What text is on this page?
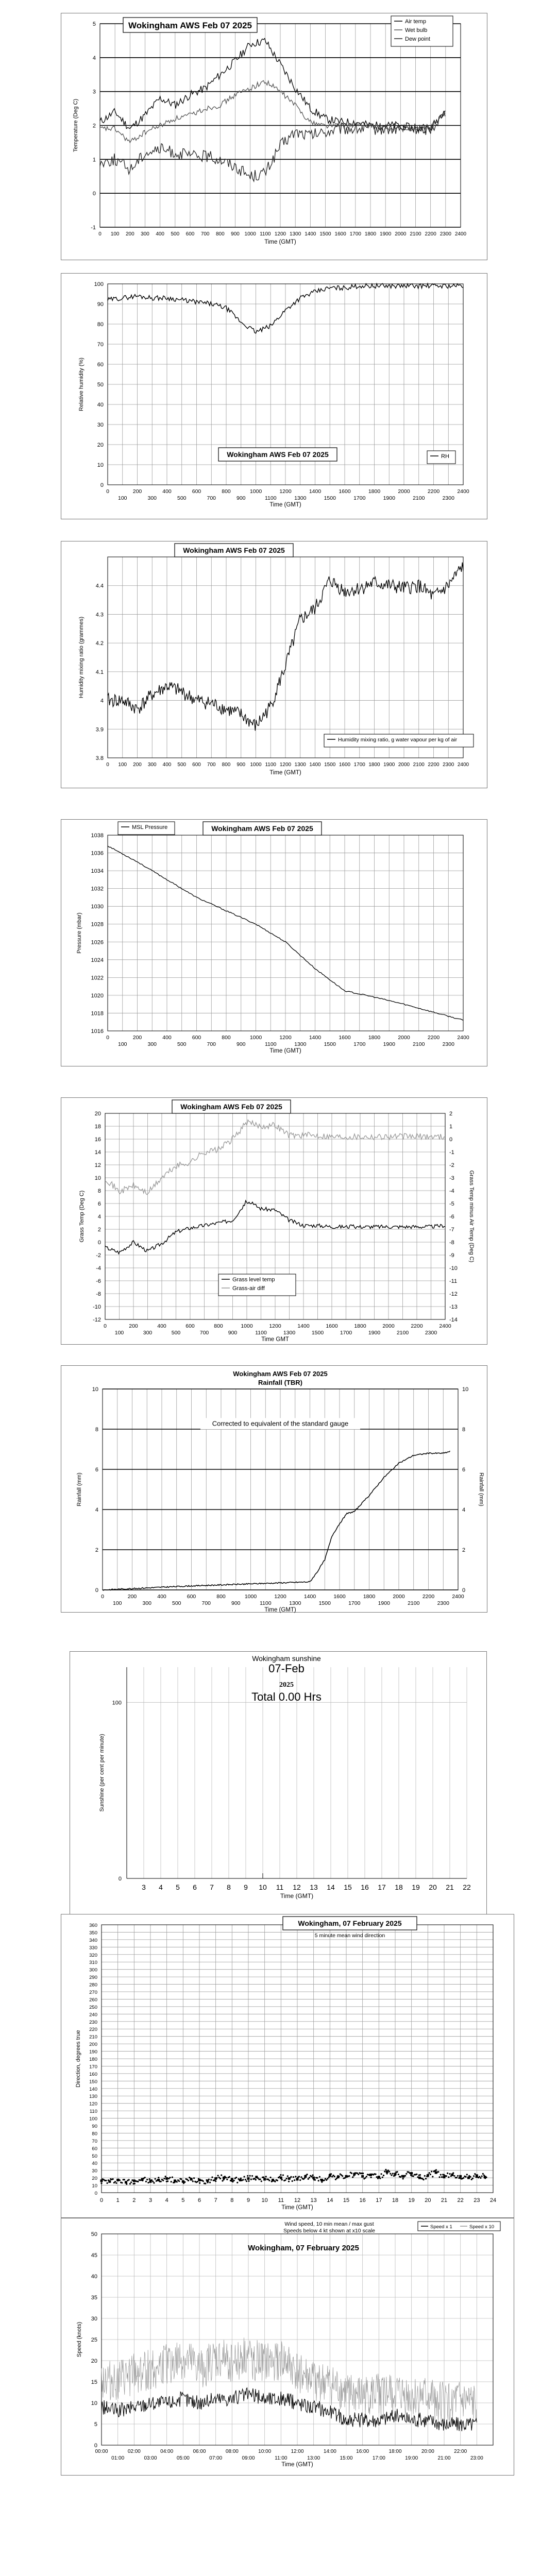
-1
0
1
2
3
4
5
0 100 200 300 400 500 600 700 800 900 1000 1100 1200 1300 1400 1500 1600 1700 1800 1900 2000 2100 2200 2300 2400
Time (GMT)
Temperature (Deg C)
Wokingham AWS Feb 07 2025	Air temp
Wet bulb
Dew point
0
10
20
30
40
50
60
70
80
90
100
0	200	400	600	800	1000	1200	1400	1600	1800	2000	2200	2400
100	300	500	700	900	1100	1300	1500	1700	1900	2100	2300
Time (GMT)
Relative humidity (%)
Wokingham AWS Feb 07 2025	RH
3.8
3.9
4
4.1
4.2
4.3
4.4
0 100 200 300 400 500 600 700 800 900 1000 1100 1200 1300 1400 1500 1600 1700 1800 1900 2000 2100 2200 2300 2400
Time (GMT)
Humidity mixing ratio (grammes)
Wokingham AWS Feb 07 2025
Humidity mixing ratio, g water vapour per kg of air
1016
1018
1020
1022
1024
1026
1028
1030
1032
1034
1036
1038
0	200	400	600	800	1000	1200	1400	1600	1800	2000	2200	2400
100	300	500	700	900	1100	1300	1500	1700	1900	2100	2300
Time (GMT)
Pressure (mbar)
MSL Pressure	Wokingham AWS Feb 07 2025
-12
-10
-8
-6
-4
-2
0
2
4
6
8
10
12
14
16
18
20
0	200	400	600	800	1000	1200	1400	1600	1800	2000	2200	2400
100	300	500	700	900	1100	1300	1500	1700	1900	2100	2300
Time GMT
Grass Temp (Deg C)
-14
-13
-12
-11
-10
-9
-8
-7
-6
-5
-4
-3
-2
-1
0
1
2
Grass Temp minus Air Temp (Deg C)
Wokingham AWS Feb 07 2025
Grass level temp
Grass-air diff
0
2
4
6
8
10
0	200	400	600	800	1000	1200	1400	1600	1800	2000	2200	2400
100	300	500	700	900	1100	1300	1500	1700	1900	2100	2300
Time (GMT)
Rainfall (mm)
0
2
4
6
8
10
Rainfall (mm)
Wokingham AWS Feb 07 2025
Rainfall (TBR)
Corrected to equivalent of the standard gauge
0
100
3 4 5 6 7 8 9 10 11 12 13 14 15 16 17 18 19 20 21 22
Time (GMT)
Sunshine (per cent per minute)
Wokingham sunshine
07-Feb
2025
Total 0.00 Hrs
0
10
20
30
40
50
60
70
80
90
100
110
120
130
140
150
160
170
180
190
200
210
220
230
240
250
260
270
280
290
300
310
320
330
340
350
360
0 1 2 3 4 5 6 7 8 9 10 11 12 13 14 15 16 17 18 19 20 21 22 23 24
Time (GMT)
Direction, degrees true
Wokingham, 07 February 2025
5 minute mean wind direction
0
5
10
15
20
25
30
35
40
45
50
00:00	02:00	04:00	06:00	08:00	10:00	12:00	14:00	16:00	18:00	20:00	22:00
01:00	03:00	05:00	07:00	09:00	11:00	13:00	15:00	17:00	19:00	21:00	23:00
Time (GMT)
Speed (knots)
Wind speed, 10 min mean / max gust
Speeds below 4 kt shown at x10 scale
Wokingham, 07 February 2025
Speed x 1	Speed x 10
